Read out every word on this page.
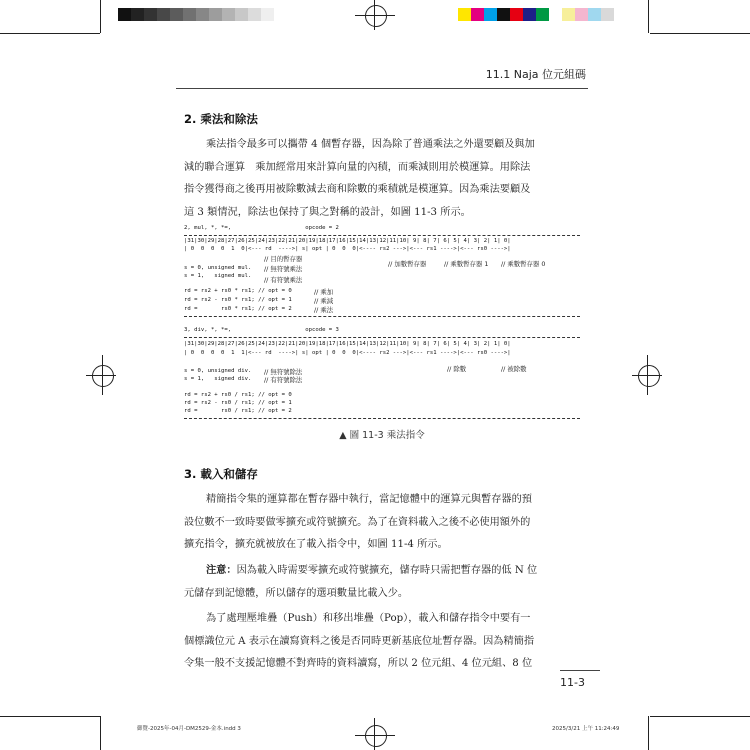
11.1 Naja 位元組碼
2. 乘法和除法
乘法指令最多可以攜帶 4 個暫存器，因為除了普通乘法之外還要顧及與加
減的聯合運算　乘加經常用來計算向量的內積，而乘減則用於模運算。用除法
指令獲得商之後再用被除數減去商和除數的乘積就是模運算。因為乘法要顧及
這 3 類情況，除法也保持了與之對稱的設計，如圖 11-3 所示。
2, mul, *, *=,                      opcode = 2
|31|30|29|28|27|26|25|24|23|22|21|20|19|18|17|16|15|14|13|12|11|10| 9| 8| 7| 6| 5| 4| 3| 2| 1| 0|
| 0  0  0  0  1  0|<--- rd  ---->| s| opt | 0  0  0|<---- rs2 --->|<--- rs1 ---->|<--- rs0 ---->|
// 目的暫存器
// 加數暫存器	// 乘數暫存器 1 // 乘數暫存器 0
s = 0, unsigned mul.	// 無符號乘法
s = 1,   signed mul.	// 有符號乘法
rd = rs2 + rs0 * rs1; // opt = 0	// 乘加
rd = rs2 - rs0 * rs1; // opt = 1	// 乘減
rd =       rs0 * rs1; // opt = 2	// 乘法
3, div, *, *=,                      opcode = 3
|31|30|29|28|27|26|25|24|23|22|21|20|19|18|17|16|15|14|13|12|11|10| 9| 8| 7| 6| 5| 4| 3| 2| 1| 0|
| 0  0  0  0  1  1|<--- rd  ---->| s| opt | 0  0  0|<---- rs2 --->|<--- rs1 ---->|<--- rs0 ---->|
// 除數	// 被除數
s = 0, unsigned div.	// 無符號除法
s = 1,   signed div.	// 有符號除法
rd = rs2 + rs0 / rs1; // opt = 0
rd = rs2 - rs0 / rs1; // opt = 1
rd =       rs0 / rs1; // opt = 2
▲ 圖 11-3 乘法指令
3. 載入和儲存
精簡指令集的運算都在暫存器中執行，當記憶體中的運算元與暫存器的預
設位數不一致時要做零擴充或符號擴充。為了在資料載入之後不必使用額外的
擴充指令，擴充就被放在了載入指令中，如圖 11-4 所示。
注意：因為載入時需要零擴充或符號擴充，儲存時只需把暫存器的低 N 位
元儲存到記憶體，所以儲存的選項數量比載入少。
為了處理壓堆疊（Push）和移出堆疊（Pop），載入和儲存指令中要有一
個標識位元 A 表示在讀寫資料之後是否同時更新基底位址暫存器。因為精簡指
令集一般不支援記憶體不對齊時的資料讀寫，所以 2 位元組、4 位元組、8 位
11-3
御覽-2025年-04月-DM2529-金本.indd 3	2025/3/21 上午 11:24:49
